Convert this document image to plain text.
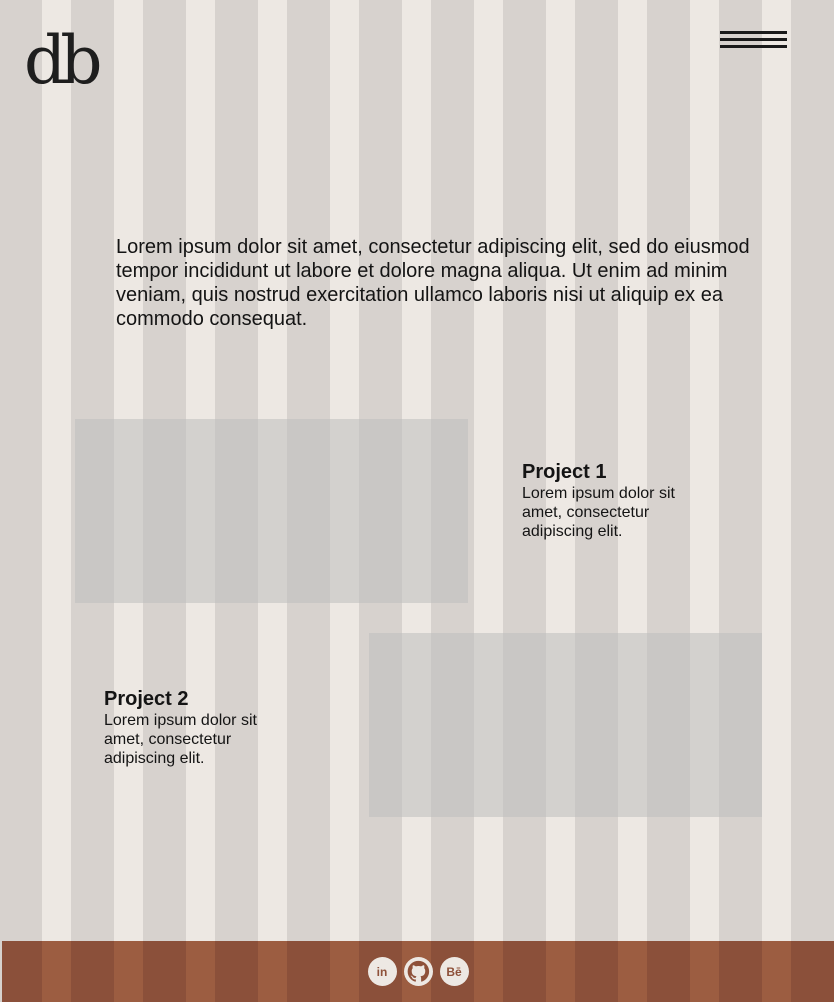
db

Lorem ipsum dolor sit amet, consectetur adipiscing elit, sed do eiusmod tempor incididunt ut labore et dolore magna aliqua. Ut enim ad minim veniam, quis nostrud exercitation ullamco laboris nisi ut aliquip ex ea commodo consequat.

Project 1

Lorem ipsum dolor sit amet, consectetur adipiscing elit.

Project 2

Lorem ipsum dolor sit amet, consectetur adipiscing elit.

in	Bē
